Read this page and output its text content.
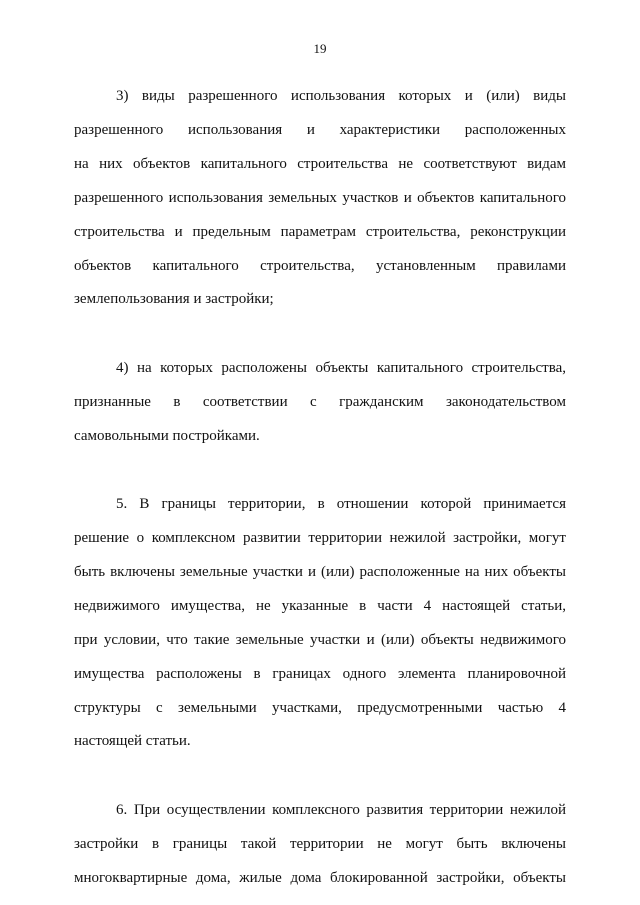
19
3) виды разрешенного использования которых и (или) виды
разрешенного использования и характеристики расположенных
на них объектов капитального строительства не соответствуют видам
разрешенного использования земельных участков и объектов капитального
строительства и предельным параметрам строительства, реконструкции
объектов капитального строительства, установленным правилами
землепользования и застройки;
4) на которых расположены объекты капитального строительства,
признанные в соответствии с гражданским законодательством
самовольными постройками.
5. В границы территории, в отношении которой принимается
решение о комплексном развитии территории нежилой застройки, могут
быть включены земельные участки и (или) расположенные на них объекты
недвижимого имущества, не указанные в части 4 настоящей статьи,
при условии, что такие земельные участки и (или) объекты недвижимого
имущества расположены в границах одного элемента планировочной
структуры с земельными участками, предусмотренными частью 4
настоящей статьи.
6. При осуществлении комплексного развития территории нежилой
застройки в границы такой территории не могут быть включены
многоквартирные дома, жилые дома блокированной застройки, объекты
